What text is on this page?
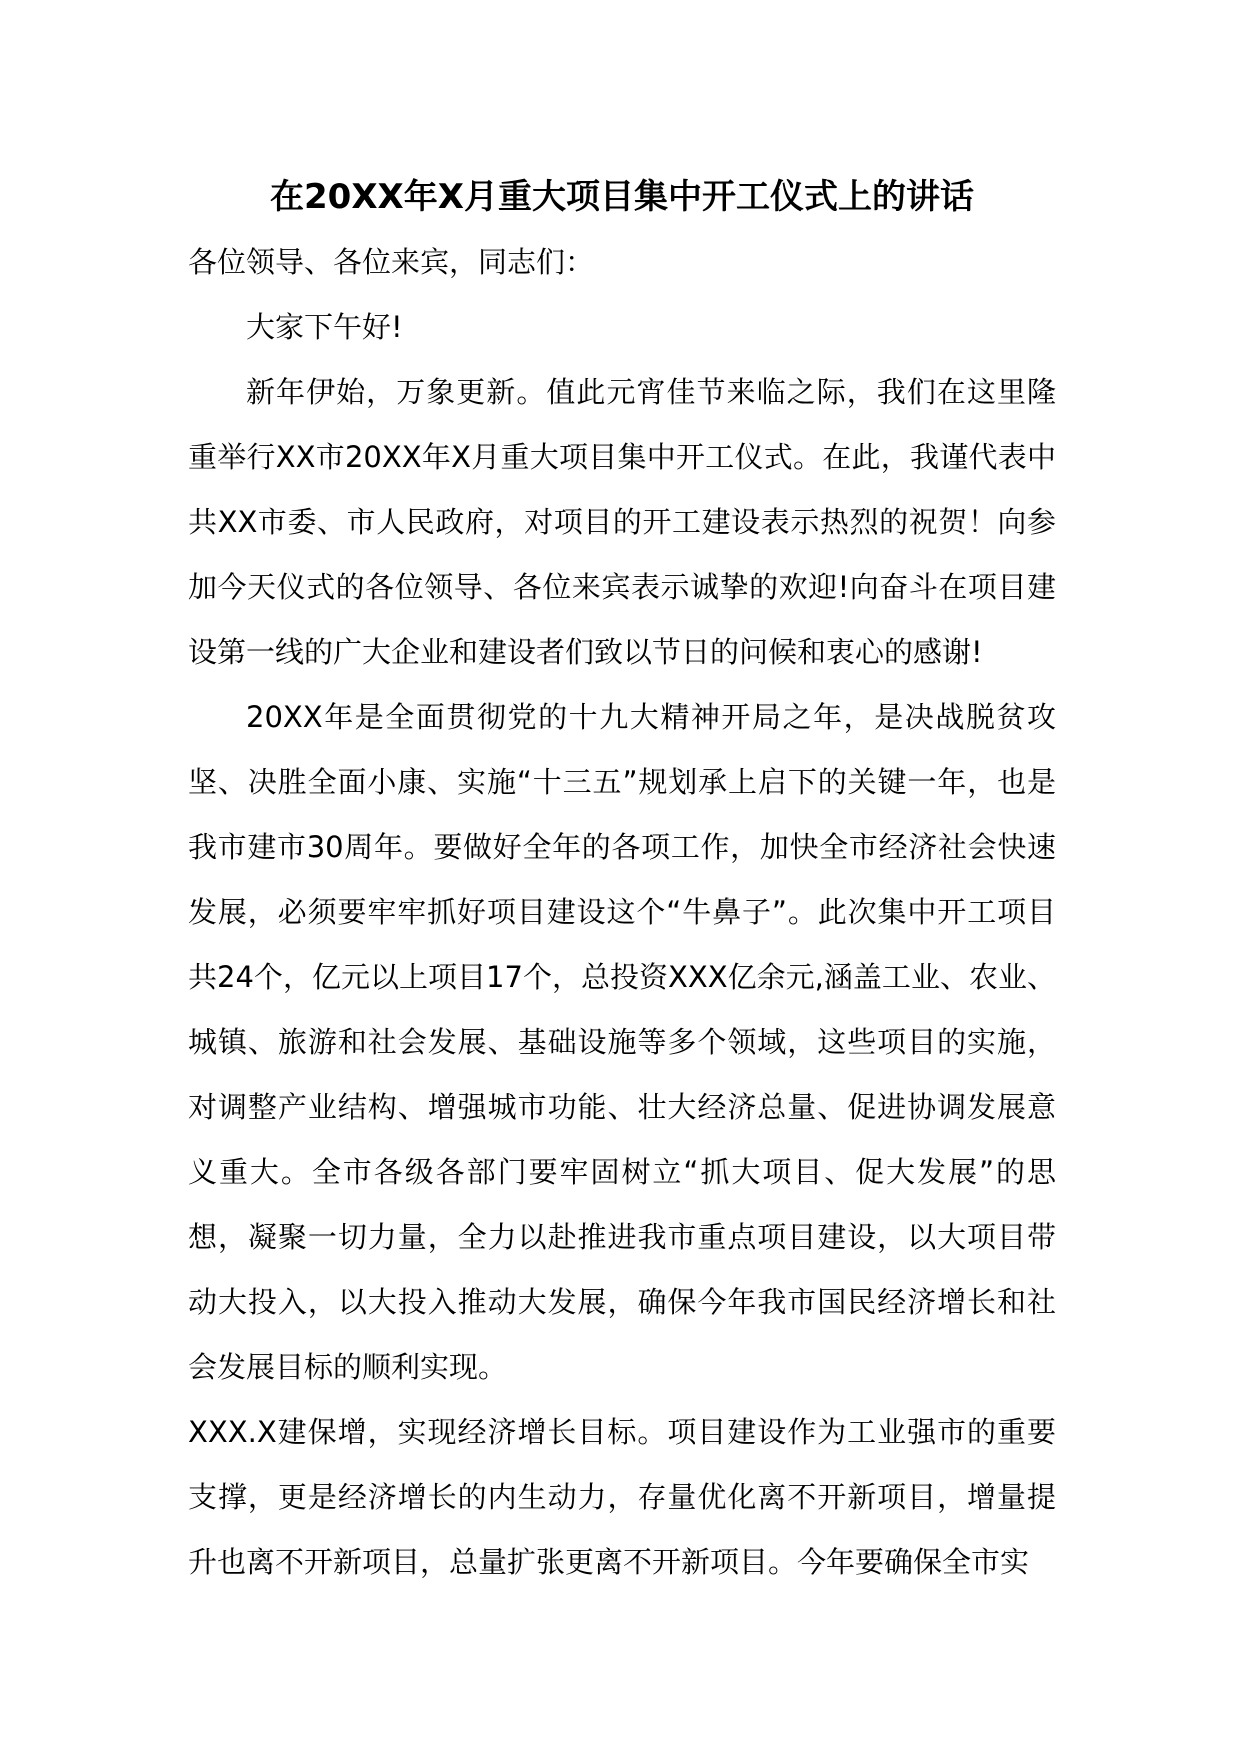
在20XX年X月重大项目集中开工仪式上的讲话

各位领导、各位来宾，同志们：

大家下午好!

新年伊始，万象更新。值此元宵佳节来临之际，我们在这里隆重举行XX市20XX年X月重大项目集中开工仪式。在此，我谨代表中共XX市委、市人民政府，对项目的开工建设表示热烈的祝贺！向参加今天仪式的各位领导、各位来宾表示诚挚的欢迎!向奋斗在项目建设第一线的广大企业和建设者们致以节日的问候和衷心的感谢!

20XX年是全面贯彻党的十九大精神开局之年，是决战脱贫攻坚、决胜全面小康、实施“十三五”规划承上启下的关键一年，也是我市建市30周年。要做好全年的各项工作，加快全市经济社会快速发展，必须要牢牢抓好项目建设这个“牛鼻子”。此次集中开工项目共24个，亿元以上项目17个，总投资XXX亿余元,涵盖工业、农业、城镇、旅游和社会发展、基础设施等多个领域，这些项目的实施，对调整产业结构、增强城市功能、壮大经济总量、促进协调发展意义重大。全市各级各部门要牢固树立“抓大项目、促大发展”的思想，凝聚一切力量，全力以赴推进我市重点项目建设，以大项目带动大投入，以大投入推动大发展，确保今年我市国民经济增长和社会发展目标的顺利实现。

XXX.X建保增，实现经济增长目标。项目建设作为工业强市的重要支撑，更是经济增长的内生动力，存量优化离不开新项目，增量提升也离不开新项目，总量扩张更离不开新项目。今年要确保全市实
